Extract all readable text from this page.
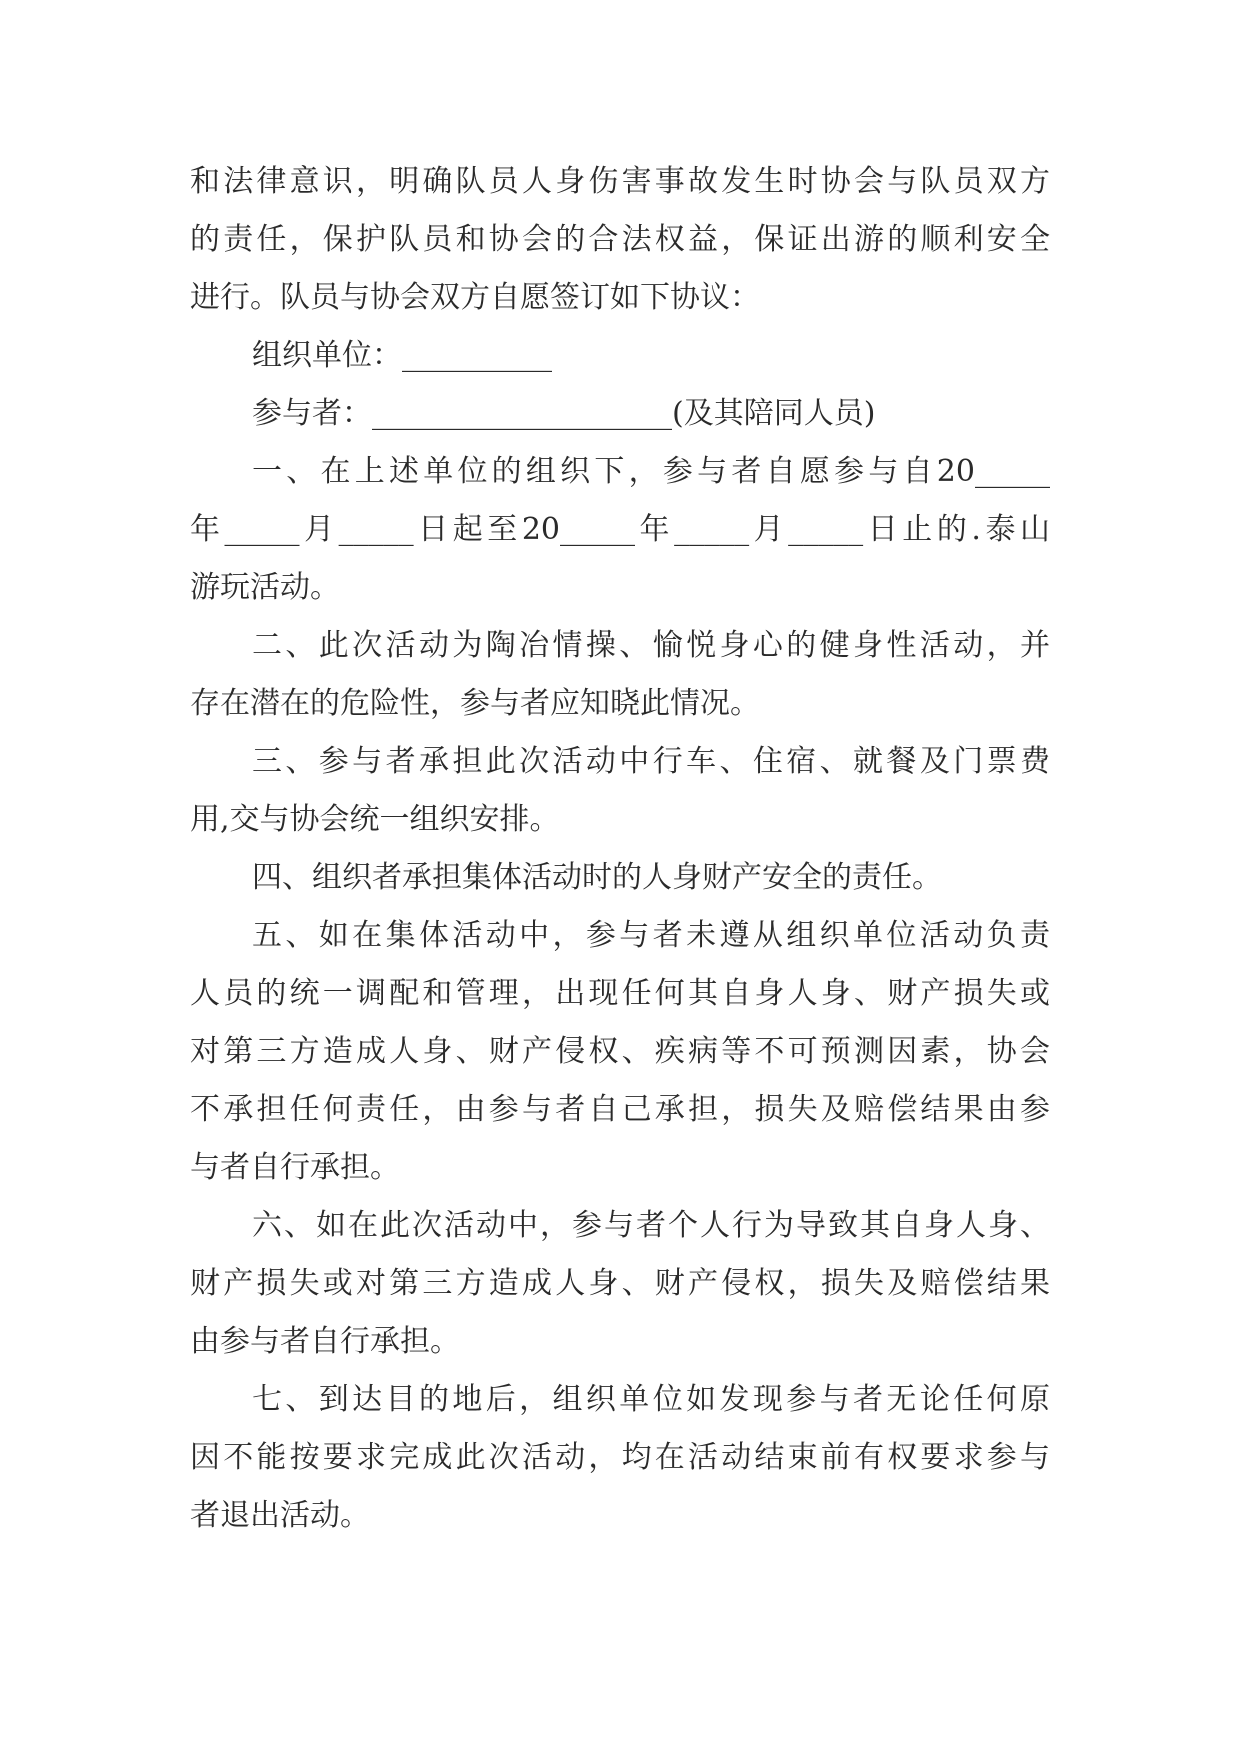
和法律意识，明确队员人身伤害事故发生时协会与队员双方
的责任，保护队员和协会的合法权益，保证出游的顺利安全
进行。队员与协会双方自愿签订如下协议：
组织单位：__________
参与者：____________________(及其陪同人员)
一、在上述单位的组织下，参与者自愿参与自20_____
年_____月_____日起至20_____年_____月_____日止的.泰山
游玩活动。
二、此次活动为陶冶情操、愉悦身心的健身性活动，并
存在潜在的危险性，参与者应知晓此情况。
三、参与者承担此次活动中行车、住宿、就餐及门票费
用,交与协会统一组织安排。
四、组织者承担集体活动时的人身财产安全的责任。
五、如在集体活动中，参与者未遵从组织单位活动负责
人员的统一调配和管理，出现任何其自身人身、财产损失或
对第三方造成人身、财产侵权、疾病等不可预测因素，协会
不承担任何责任，由参与者自己承担，损失及赔偿结果由参
与者自行承担。
六、如在此次活动中，参与者个人行为导致其自身人身、
财产损失或对第三方造成人身、财产侵权，损失及赔偿结果
由参与者自行承担。
七、到达目的地后，组织单位如发现参与者无论任何原
因不能按要求完成此次活动，均在活动结束前有权要求参与
者退出活动。
